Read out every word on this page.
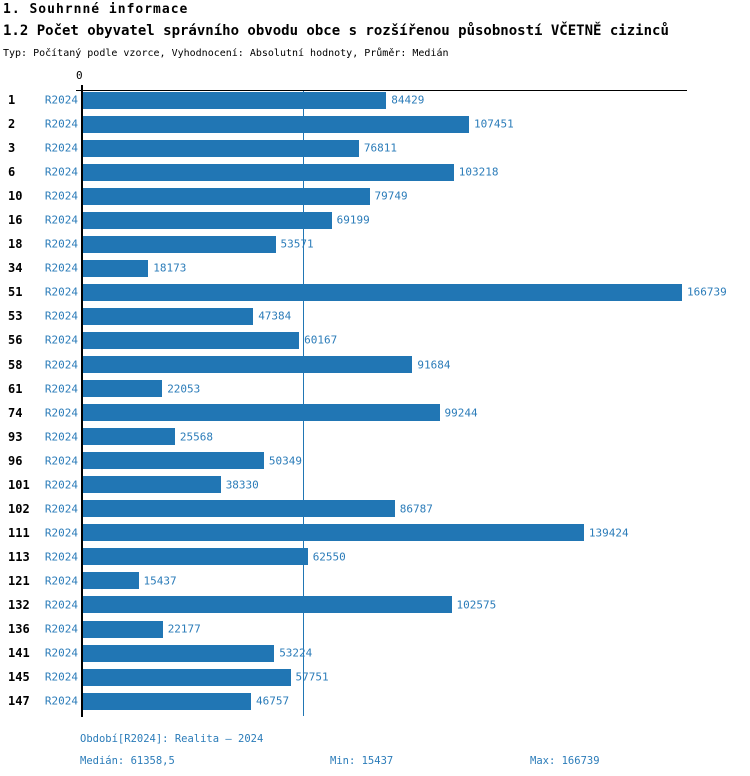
1. Souhrnné informace
1.2 Počet obyvatel správního obvodu obce s rozšířenou působností VČETNĚ cizinců
Typ: Počítaný podle vzorce, Vyhodnocení: Absolutní hodnoty, Průměr: Medián
0
1	R2024	84429
2	R2024	107451
3	R2024	76811
6	R2024	103218
10 R2024	79749
16 R2024	69199
18 R2024	53571
34 R2024	18173
51 R2024	166739
53 R2024	47384
56 R2024	60167
58 R2024	91684
61 R2024	22053
74 R2024	99244
93 R2024	25568
96 R2024	50349
101 R2024	38330
102 R2024	86787
111 R2024	139424
113 R2024	62550
121 R2024	15437
132 R2024	102575
136 R2024	22177
141 R2024	53224
145 R2024	57751
147 R2024	46757
Období[R2024]: Realita – 2024
Medián: 61358,5	Min: 15437	Max: 166739
